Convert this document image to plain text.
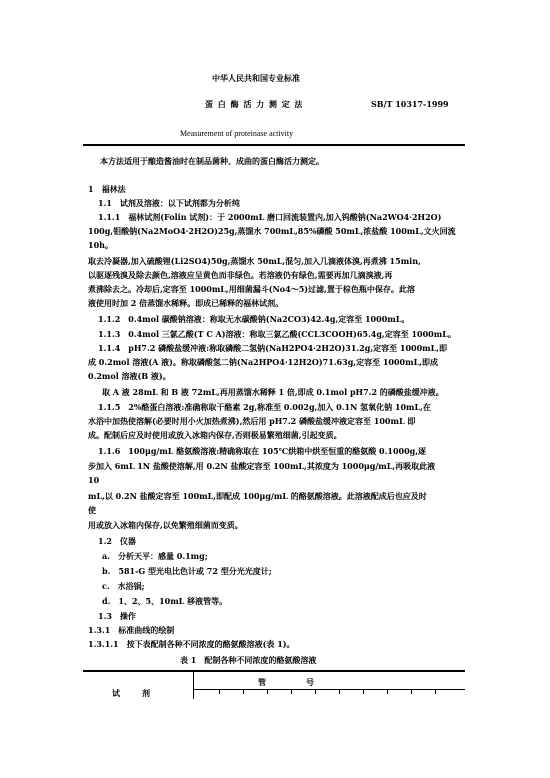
中华人民共和国专业标准
蛋 白 酶 活 力 测 定 法	SB/T 10317-1999
Measurement of proteinase activity
本方法适用于酿造酱油时在制品菌种、成曲的蛋白酶活力测定。
1　福林法
1.1　试剂及溶液：以下试剂都为分析纯
1.1.1　福林试剂(Folin 试剂)：于 2000mL 磨口回流装置内,加入钨酸钠(Na2WO4·2H2O)
100g,钼酸钠(Na2MoO4·2H2O)25g,蒸馏水 700mL,85%磷酸 50mL,浓盐酸 100mL,文火回流
10h。
取去冷凝器,加入硫酸锂(Li2SO4)50g,蒸馏水 50mL,混匀,加入几滴液体溴,再煮沸 15min,
以驱逐残溴及除去颜色,溶液应呈黄色而非绿色。若溶液仍有绿色,需要再加几滴溴液,再
煮沸除去之。冷却后,定容至 1000mL,用细菌漏斗(No4～5)过滤,置于棕色瓶中保存。此溶
液使用时加 2 倍蒸馏水稀释。即成已稀释的福林试剂。
1.1.2　0.4mol 碳酸钠溶液：称取无水碳酸钠(Na2CO3)42.4g,定容至 1000mL。
1.1.3　0.4mol 三氯乙酸(T C A)溶液：称取三氯乙酸(CCL3COOH)65.4g,定容至 1000mL。
1.1.4　pH7.2 磷酸盐缓冲液:称取磷酸二氢钠(NaH2PO4·2H2O)31.2g,定容至 1000mL,即
成 0.2mol 溶液(A 液)。称取磷酸氢二钠(Na2HPO4·12H2O)71.63g,定容至 1000mL,即成
0.2mol 溶液(B 液)。
取 A 液 28mL 和 B 液 72mL,再用蒸馏水稀释 1 倍,即成 0.1mol pH7.2 的磷酸盐缓冲液。
1.1.5　2%酪蛋白溶液:准确称取干酪素 2g,称准至 0.002g,加入 0.1N 氢氧化钠 10mL,在
水浴中加热使溶解(必要时用小火加热煮沸),然后用 pH7.2 磷酸盐缓冲液定容至 100mL 即
成。配制后应及时使用或放入冰箱内保存,否则极易繁殖细菌,引起变质。
1.1.6　100μg/mL 酪氨酸溶液:精确称取在 105℃烘箱中烘至恒重的酪氨酸 0.1000g,逐
步加入 6mL 1N 盐酸使溶解,用 0.2N 盐酸定容至 100mL,其浓度为 1000μg/mL,再吸取此液
10
mL,以 0.2N 盐酸定容至 100mL,即配成 100μg/mL 的酪氨酸溶液。此溶液配成后也应及时
使
用或放入冰箱内保存,以免繁殖细菌而变质。
1.2　仪器
a.　分析天平：感量 0.1mg;
b.　581-G 型光电比色计或 72 型分光光度计;
c.　水浴锅;
d.　1、2、5、10mL 移液管等。
1.3　操作
1.3.1　标准曲线的绘制
1.3.1.1　按下表配制各种不同浓度的酪氨酸溶液(表 1)。
表 1　配制各种不同浓度的酪氨酸溶液
管　　　　　号
试　　剂
